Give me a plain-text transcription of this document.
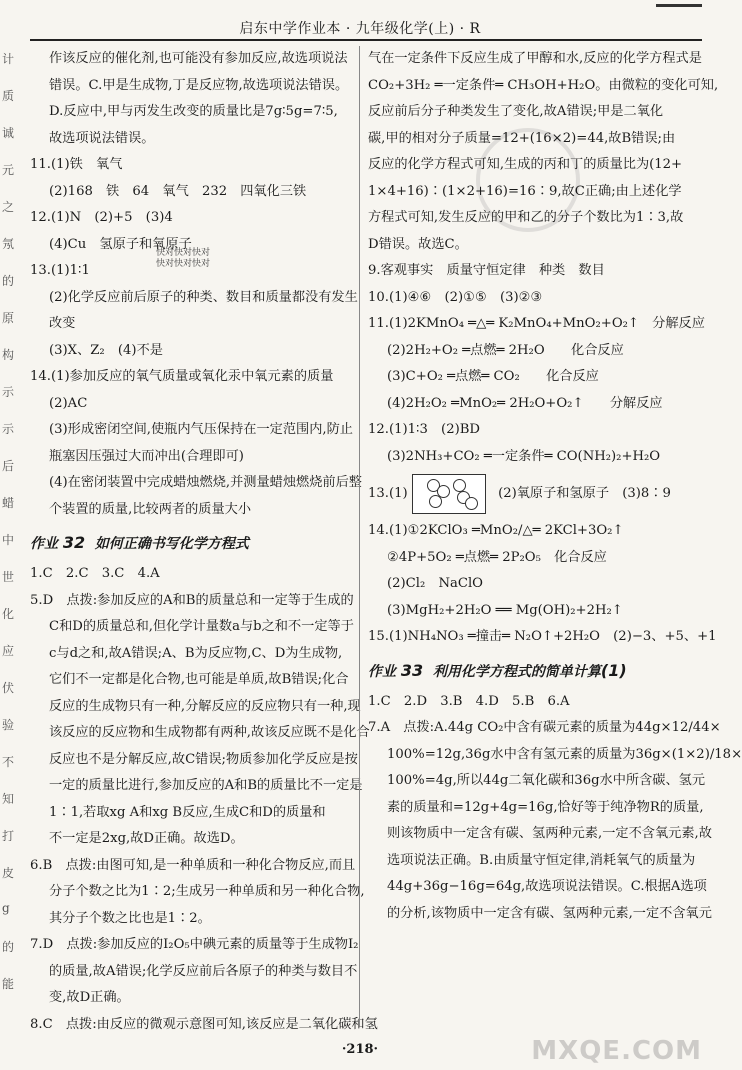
启东中学作业本 · 九年级化学(上) · R
计
质
诚
元
之
氖
的
原
构
示
示
后
蜡
中
世
化
应
伏
验
不
知
打
皮
g
的
能
作该反应的催化剂,也可能没有参加反应,故选项说法错误。C.甲是生成物,丁是反应物,故选项说法错误。
D.反应中,甲与丙发生改变的质量比是7g∶5g=7∶5,
故选项说法错误。
11.(1)铁　氧气
(2)168　铁　64　氧气　232　四氧化三铁
12.(1)N　(2)+5　(3)4
(4)Cu　氢原子和氧原子
13.(1)1∶1
(2)化学反应前后原子的种类、数目和质量都没有发生
改变
(3)X、Z₂　(4)不是
14.(1)参加反应的氧气质量或氧化汞中氧元素的质量
(2)AC
(3)形成密闭空间,使瓶内气压保持在一定范围内,防止
瓶塞因压强过大而冲出(合理即可)
(4)在密闭装置中完成蜡烛燃烧,并测量蜡烛燃烧前后整
个装置的质量,比较两者的质量大小
作业 32 如何正确书写化学方程式
1.C　2.C　3.C　4.A
5.D　点拨:参加反应的A和B的质量总和一定等于生成的
C和D的质量总和,但化学计量数a与b之和不一定等于
c与d之和,故A错误;A、B为反应物,C、D为生成物,
它们不一定都是化合物,也可能是单质,故B错误;化合
反应的生成物只有一种,分解反应的反应物只有一种,现
该反应的反应物和生成物都有两种,故该反应既不是化合
反应也不是分解反应,故C错误;物质参加化学反应是按
一定的质量比进行,参加反应的A和B的质量比不一定是
1∶1,若取xg A和xg B反应,生成C和D的质量和
不一定是2xg,故D正确。故选D。
6.B　点拨:由图可知,是一种单质和一种化合物反应,而且
分子个数之比为1∶2;生成另一种单质和另一种化合物,
其分子个数之比也是1∶2。
7.D　点拨:参加反应的I₂O₅中碘元素的质量等于生成物I₂
的质量,故A错误;化学反应前后各原子的种类与数目不
变,故D正确。
8.C　点拨:由反应的微观示意图可知,该反应是二氧化碳和氢
快对快对快对
快对快对快对
气在一定条件下反应生成了甲醇和水,反应的化学方程式是
CO₂+3H₂ ═一定条件═ CH₃OH+H₂O。由微粒的变化可知,
反应前后分子种类发生了变化,故A错误;甲是二氧化
碳,甲的相对分子质量=12+(16×2)=44,故B错误;由
反应的化学方程式可知,生成的丙和丁的质量比为(12+
1×4+16)∶(1×2+16)=16∶9,故C正确;由上述化学
方程式可知,发生反应的甲和乙的分子个数比为1∶3,故
D错误。故选C。
9.客观事实　质量守恒定律　种类　数目
10.(1)④⑥　(2)①⑤　(3)②③
11.(1)2KMnO₄ ═△═ K₂MnO₄+MnO₂+O₂↑　分解反应
(2)2H₂+O₂ ═点燃═ 2H₂O　　化合反应
(3)C+O₂ ═点燃═ CO₂　　化合反应
(4)2H₂O₂ ═MnO₂═ 2H₂O+O₂↑　　分解反应
12.(1)1∶3　(2)BD
(3)2NH₃+CO₂ ═一定条件═ CO(NH₂)₂+H₂O
13.(1)	(2)氧原子和氢原子　(3)8∶9
14.(1)①2KClO₃ ═MnO₂/△═ 2KCl+3O₂↑
②4P+5O₂ ═点燃═ 2P₂O₅　化合反应
(2)Cl₂　NaClO
(3)MgH₂+2H₂O ══ Mg(OH)₂+2H₂↑
15.(1)NH₄NO₃ ═撞击═ N₂O↑+2H₂O　(2)−3、+5、+1
作业 33 利用化学方程式的简单计算(1)
1.C　2.D　3.B　4.D　5.B　6.A
7.A　点拨:A.44g CO₂中含有碳元素的质量为44g×12/44×
100%=12g,36g水中含有氢元素的质量为36g×(1×2)/18×
100%=4g,所以44g二氧化碳和36g水中所含碳、氢元
素的质量和=12g+4g=16g,恰好等于纯净物R的质量,
则该物质中一定含有碳、氢两种元素,一定不含氧元素,故
选项说法正确。B.由质量守恒定律,消耗氧气的质量为
44g+36g−16g=64g,故选项说法错误。C.根据A选项
的分析,该物质中一定含有碳、氢两种元素,一定不含氧元
·218·	MXQE.COM
